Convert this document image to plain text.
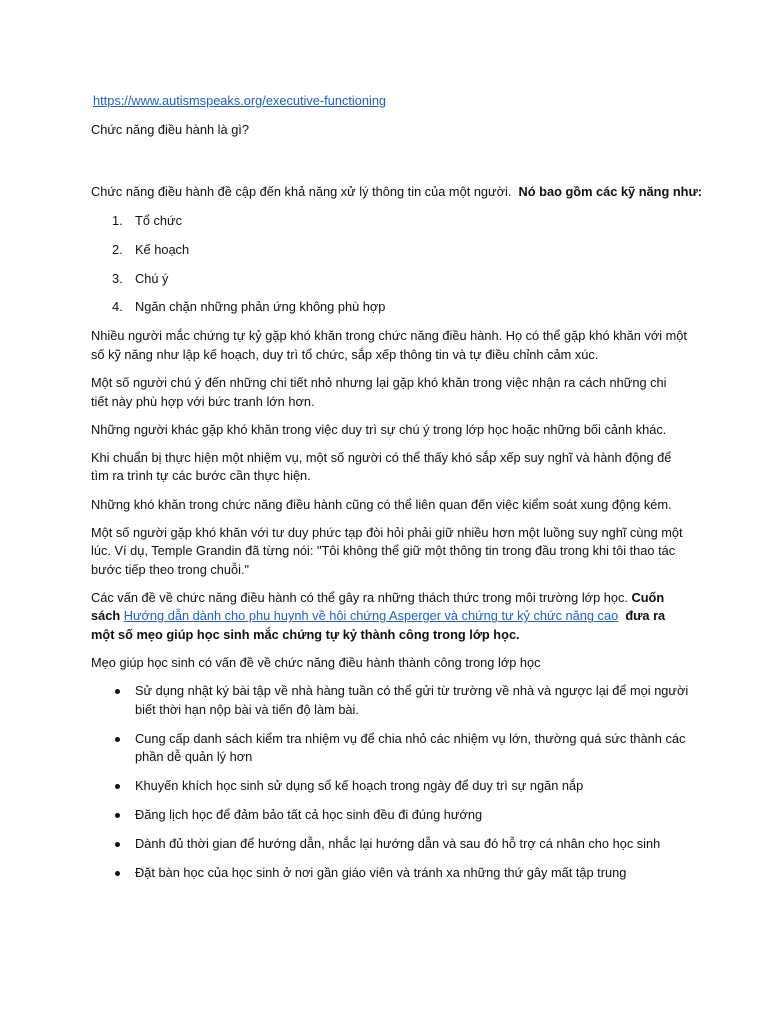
https://www.autismspeaks.org/executive-functioning

Chức năng điều hành là gì?

Chức năng điều hành đề cập đến khả năng xử lý thông tin của một người. Nó bao gồm các kỹ năng như:

1. Tổ chức
2. Kế hoạch
3. Chú ý
4. Ngăn chặn những phản ứng không phù hợp
Nhiều người mắc chứng tự kỷ gặp khó khăn trong chức năng điều hành. Họ có thể gặp khó khăn với một
số kỹ năng như lập kế hoạch, duy trì tổ chức, sắp xếp thông tin và tự điều chỉnh cảm xúc.
Một số người chú ý đến những chi tiết nhỏ nhưng lại gặp khó khăn trong việc nhận ra cách những chi
tiết này phù hợp với bức tranh lớn hơn.
Những người khác gặp khó khăn trong việc duy trì sự chú ý trong lớp học hoặc những bối cảnh khác.
Khi chuẩn bị thực hiện một nhiệm vụ, một số người có thể thấy khó sắp xếp suy nghĩ và hành động để
tìm ra trình tự các bước cần thực hiện.
Những khó khăn trong chức năng điều hành cũng có thể liên quan đến việc kiểm soát xung động kém.
Một số người gặp khó khăn với tư duy phức tạp đòi hỏi phải giữ nhiều hơn một luồng suy nghĩ cùng một
lúc. Ví dụ, Temple Grandin đã từng nói: "Tôi không thể giữ một thông tin trong đầu trong khi tôi thao tác
bước tiếp theo trong chuỗi."
Các vấn đề về chức năng điều hành có thể gây ra những thách thức trong môi trường lớp học. Cuốn
sách Hướng dẫn dành cho phụ huynh về hội chứng Asperger và chứng tự kỷ chức năng cao đưa ra
một số mẹo giúp học sinh mắc chứng tự kỷ thành công trong lớp học.
Mẹo giúp học sinh có vấn đề về chức năng điều hành thành công trong lớp học
Sử dụng nhật ký bài tập về nhà hàng tuần có thể gửi từ trường về nhà và ngược lại để mọi người
biết thời hạn nộp bài và tiến độ làm bài.
Cung cấp danh sách kiểm tra nhiệm vụ để chia nhỏ các nhiệm vụ lớn, thường quá sức thành các
phần dễ quản lý hơn
Khuyến khích học sinh sử dụng sổ kế hoạch trong ngày để duy trì sự ngăn nắp
Đăng lịch học để đảm bảo tất cả học sinh đều đi đúng hướng
Dành đủ thời gian để hướng dẫn, nhắc lại hướng dẫn và sau đó hỗ trợ cá nhân cho học sinh
Đặt bàn học của học sinh ở nơi gần giáo viên và tránh xa những thứ gây mất tập trung
